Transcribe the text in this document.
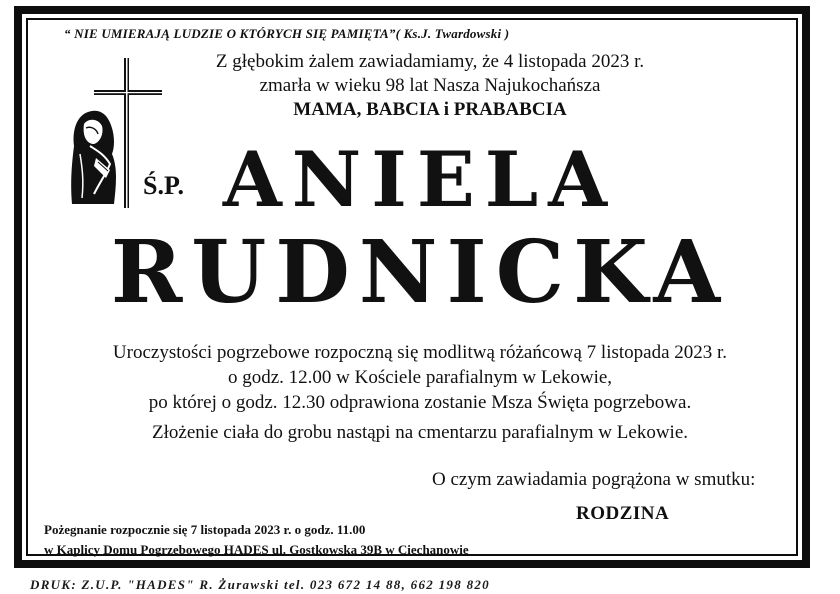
“ NIE UMIERAJĄ LUDZIE O KTÓRYCH SIĘ PAMIĘTA”( Ks.J. Twardowski )
Ś.P.
Z głębokim żalem zawiadamiamy, że 4 listopada 2023 r.
zmarła w wieku 98 lat Nasza Najukochańsza
MAMA, BABCIA i PRABABCIA
ANIELA
RUDNICKA
Uroczystości pogrzebowe rozpoczną się modlitwą różańcową 7 listopada 2023 r.
o godz. 12.00 w Kościele parafialnym w Lekowie,
po której o godz. 12.30 odprawiona zostanie Msza Święta pogrzebowa.
Złożenie ciała do grobu nastąpi na cmentarzu parafialnym w Lekowie.
O czym zawiadamia pogrążona w smutku:
RODZINA
Pożegnanie rozpocznie się 7 listopada 2023 r. o godz. 11.00
w Kaplicy Domu Pogrzebowego HADES ul. Gostkowska 39B w Ciechanowie
DRUK: Z.U.P. "HADES" R. Żurawski tel. 023 672 14 88, 662 198 820
